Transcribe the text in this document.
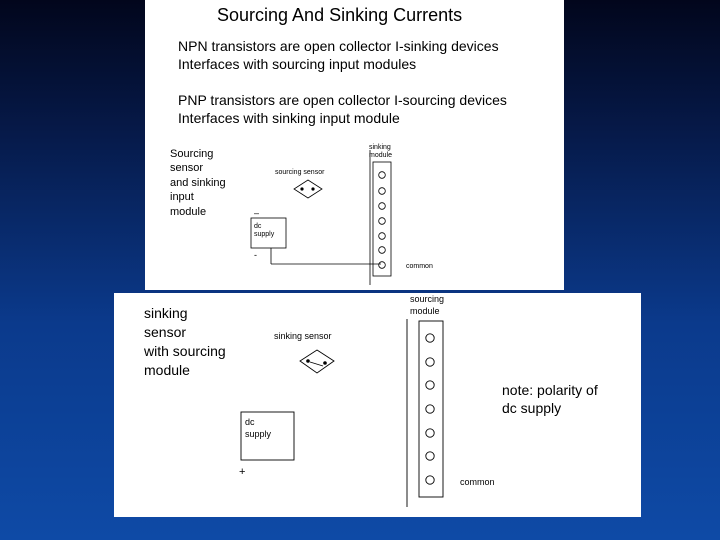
Sourcing And Sinking Currents
NPN transistors are open collector I-sinking devices
Interfaces with sourcing input modules
PNP transistors are open collector I-sourcing devices
Interfaces with sinking input module
Sourcing
sensor
and sinking
input
module
sourcing sensor
sinking
module
dc
supply
–
-
common
sinking
sensor
with sourcing
module
sinking sensor
sourcing
module
dc
supply
+
note: polarity of
dc supply
common
